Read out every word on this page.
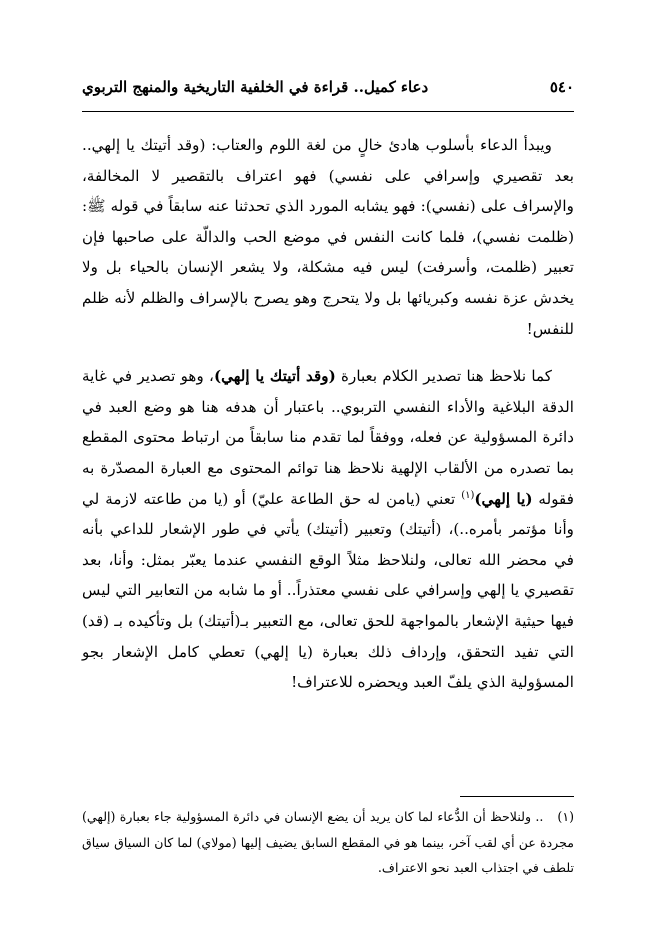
٥٤٠
دعاء كميل.. قراءة في الخلفية التاريخية والمنهج التربوي

ويبدأ الدعاء بأسلوب هادئ خالٍ من لغة اللوم والعتاب: (وقد أتيتك يا إلهي.. بعد تقصيري وإسرافي على نفسي) فهو اعتراف بالتقصير لا المخالفة، والإسراف على (نفسي): فهو يشابه المورد الذي تحدثنا عنه سابقاً في قوله ﷺ: (ظلمت نفسي)، فلما كانت النفس في موضع الحب والدالّة على صاحبها فإن تعبير (ظلمت، وأسرفت) ليس فيه مشكلة، ولا يشعر الإنسان بالحياء بل ولا يخدش عزة نفسه وكبريائها بل ولا يتحرج وهو يصرح بالإسراف والظلم لأنه ظلم للنفس!

كما نلاحظ هنا تصدير الكلام بعبارة (وقد أتيتك يا إلهي)، وهو تصدير في غاية الدقة البلاغية والأداء النفسي التربوي.. باعتبار أن هدفه هنا هو وضع العبد في دائرة المسؤولية عن فعله، ووفقاً لما تقدم منا سابقاً من ارتباط محتوى المقطع بما تصدره من الألقاب الإلهية نلاحظ هنا توائم المحتوى مع العبارة المصدّرة به فقوله (يا إلهي)$^{(١)}$ تعني (يامن له حق الطاعة عليّ) أو (يا من طاعته لازمة لي وأنا مؤتمر بأمره..)، (أتيتك) وتعبير (أتيتك) يأتي في طور الإشعار للداعي بأنه في محضر الله تعالى، ولنلاحظ مثلاً الوقع النفسي عندما يعبّر بمثل: وأنا، بعد تقصيري يا إلهي وإسرافي على نفسي معتذراً.. أو ما شابه من التعابير التي ليس فيها حيثية الإشعار بالمواجهة للحق تعالى، مع التعبير بـ(أتيتك) بل وتأكيده بـ (قد) التي تفيد التحقق، وإرداف ذلك بعبارة (يا إلهي) تعطي كامل الإشعار بجو المسؤولية الذي يلفّ العبد ويحضره للاعتراف!

(١).. ولنلاحظ أن الدُّعاء لما كان يريد أن يضع الإنسان في دائرة المسؤولية جاء بعبارة (إلهي) مجردة عن أي لقب آخر، بينما هو في المقطع السابق يضيف إليها (مولاي) لما كان السياق سياق تلطف في اجتذاب العبد نحو الاعتراف.
